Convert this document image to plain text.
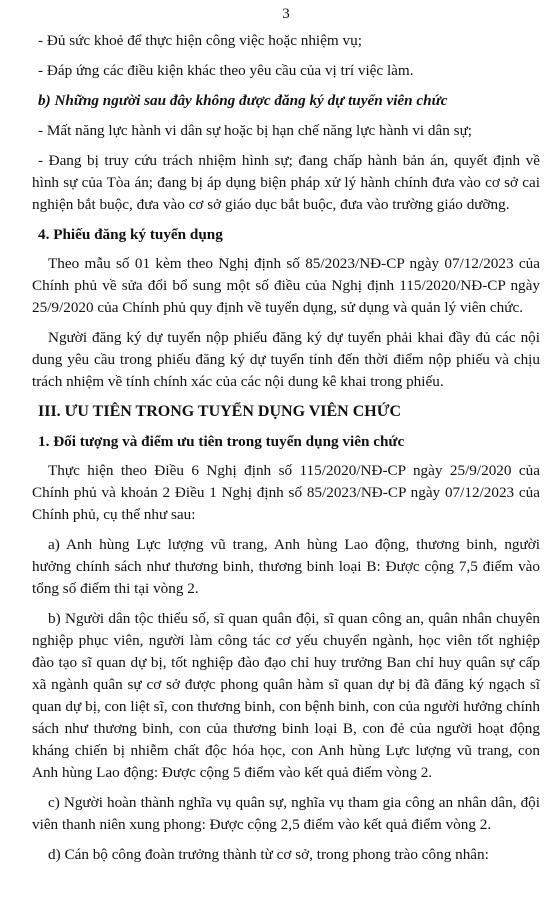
3

- Đủ sức khoẻ để thực hiện công việc hoặc nhiệm vụ;

- Đáp ứng các điều kiện khác theo yêu cầu của vị trí việc làm.

b) Những người sau đây không được đăng ký dự tuyển viên chức

- Mất năng lực hành vi dân sự hoặc bị hạn chế năng lực hành vi dân sự;

- Đang bị truy cứu trách nhiệm hình sự; đang chấp hành bản án, quyết định về hình sự của Tòa án; đang bị áp dụng biện pháp xử lý hành chính đưa vào cơ sở cai nghiện bắt buộc, đưa vào cơ sở giáo dục bắt buộc, đưa vào trường giáo dưỡng.

4. Phiếu đăng ký tuyển dụng

Theo mẫu số 01 kèm theo Nghị định số 85/2023/NĐ-CP ngày 07/12/2023 của Chính phủ về sửa đổi bổ sung một số điều của Nghị định 115/2020/NĐ-CP ngày 25/9/2020 của Chính phủ quy định về tuyển dụng, sử dụng và quản lý viên chức.

Người đăng ký dự tuyển nộp phiếu đăng ký dự tuyển phải khai đầy đủ các nội dung yêu cầu trong phiếu đăng ký dự tuyển tính đến thời điểm nộp phiếu và chịu trách nhiệm về tính chính xác của các nội dung kê khai trong phiếu.

III. ƯU TIÊN TRONG TUYỂN DỤNG VIÊN CHỨC

1. Đối tượng và điểm ưu tiên trong tuyển dụng viên chức

Thực hiện theo Điều 6 Nghị định số 115/2020/NĐ-CP ngày 25/9/2020 của Chính phủ và khoản 2 Điều 1 Nghị định số 85/2023/NĐ-CP ngày 07/12/2023 của Chính phủ, cụ thể như sau:

a) Anh hùng Lực lượng vũ trang, Anh hùng Lao động, thương binh, người hưởng chính sách như thương binh, thương binh loại B: Được cộng 7,5 điểm vào tổng số điểm thi tại vòng 2.

b) Người dân tộc thiểu số, sĩ quan quân đội, sĩ quan công an, quân nhân chuyên nghiệp phục viên, người làm công tác cơ yếu chuyển ngành, học viên tốt nghiệp đào tạo sĩ quan dự bị, tốt nghiệp đào đạo chỉ huy trưởng Ban chỉ huy quân sự cấp xã ngành quân sự cơ sở được phong quân hàm sĩ quan dự bị đã đăng ký ngạch sĩ quan dự bị, con liệt sĩ, con thương binh, con bệnh binh, con của người hưởng chính sách như thương binh, con của thương binh loại B, con đẻ của người hoạt động kháng chiến bị nhiễm chất độc hóa học, con Anh hùng Lực lượng vũ trang, con Anh hùng Lao động: Được cộng 5 điểm vào kết quả điểm vòng 2.

c) Người hoàn thành nghĩa vụ quân sự, nghĩa vụ tham gia công an nhân dân, đội viên thanh niên xung phong: Được cộng 2,5 điểm vào kết quả điểm vòng 2.

d) Cán bộ công đoàn trưởng thành từ cơ sở, trong phong trào công nhân:
